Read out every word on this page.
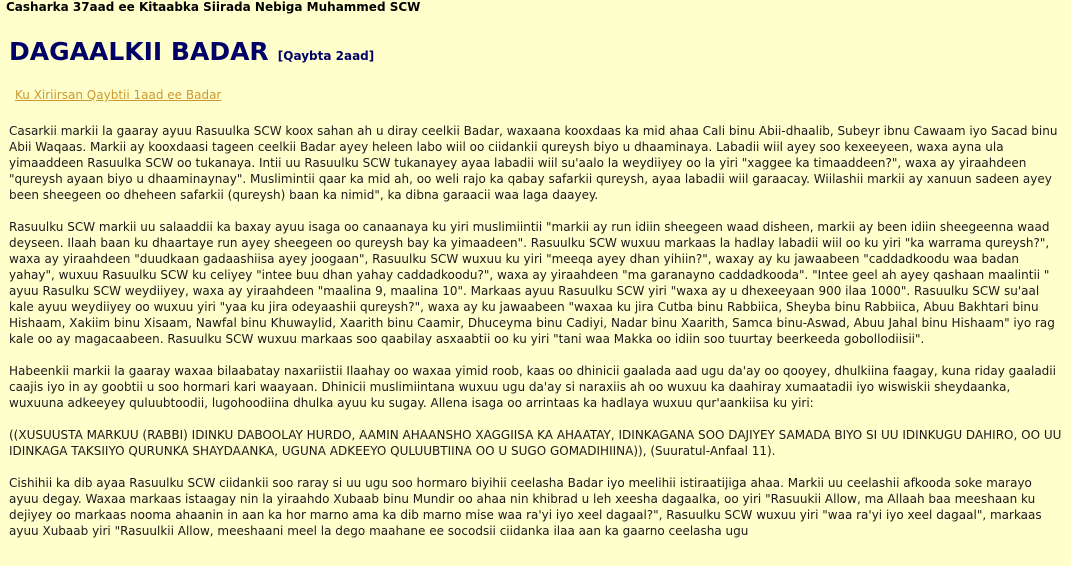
Casharka 37aad ee Kitaabka Siirada Nebiga Muhammed SCW
DAGAALKII BADAR [Qaybta 2aad]
Ku Xiriirsan Qaybtii 1aad ee Badar

Casarkii markii la gaaray ayuu Rasuulka SCW koox sahan ah u diray ceelkii Badar, waxaana kooxdaas ka mid ahaa Cali binu Abii-dhaalib, Subeyr ibnu Cawaam iyo Sacad binu Abii Waqaas. Markii ay kooxdaasi tageen ceelkii Badar ayey heleen labo wiil oo ciidankii qureysh biyo u dhaaminaya. Labadii wiil ayey soo kexeeyeen, waxa ayna ula yimaaddeen Rasuulka SCW oo tukanaya. Intii uu Rasuulku SCW tukanayey ayaa labadii wiil su'aalo la weydiiyey oo la yiri "xaggee ka timaaddeen?", waxa ay yiraahdeen "qureysh ayaan biyo u dhaaminaynay". Muslimintii qaar ka mid ah, oo weli rajo ka qabay safarkii qureysh, ayaa labadii wiil garaacay. Wiilashii markii ay xanuun sadeen ayey been sheegeen oo dheheen safarkii (qureysh) baan ka nimid", ka dibna garaacii waa laga daayey.

Rasuulku SCW markii uu salaaddii ka baxay ayuu isaga oo canaanaya ku yiri muslimiintii "markii ay run idiin sheegeen waad disheen, markii ay been idiin sheegeenna waad deyseen. Ilaah baan ku dhaartaye run ayey sheegeen oo qureysh bay ka yimaadeen". Rasuulku SCW wuxuu markaas la hadlay labadii wiil oo ku yiri "ka warrama qureysh?", waxa ay yiraahdeen "duudkaan gadaashiisa ayey joogaan", Rasuulku SCW wuxuu ku yiri "meeqa ayey dhan yihiin?", waxay ay ku jawaabeen "caddadkoodu waa badan yahay", wuxuu Rasuulku SCW ku celiyey "intee buu dhan yahay caddadkoodu?", waxa ay yiraahdeen "ma garanayno caddadkooda". "Intee geel ah ayey qashaan maalintii " ayuu Rasulku SCW weydiiyey, waxa ay yiraahdeen "maalina 9, maalina 10". Markaas ayuu Rasuulku SCW yiri "waxa ay u dhexeeyaan 900 ilaa 1000". Rasuulku SCW su'aal kale ayuu weydiiyey oo wuxuu yiri "yaa ku jira odeyaashii qureysh?", waxa ay ku jawaabeen "waxaa ku jira Cutba binu Rabbiica, Sheyba binu Rabbiica, Abuu Bakhtari binu Hishaam, Xakiim binu Xisaam, Nawfal binu Khuwaylid, Xaarith binu Caamir, Dhuceyma binu Cadiyi, Nadar binu Xaarith, Samca binu-Aswad, Abuu Jahal binu Hishaam" iyo rag kale oo ay magacaabeen. Rasuulku SCW wuxuu markaas soo qaabilay asxaabtii oo ku yiri "tani waa Makka oo idiin soo tuurtay beerkeeda gobollodiisii".

Habeenkii markii la gaaray waxaa bilaabatay naxariistii Ilaahay oo waxaa yimid roob, kaas oo dhinicii gaalada aad ugu da'ay oo qooyey, dhulkiina faagay, kuna riday gaaladii caajis iyo in ay goobtii u soo hormari kari waayaan. Dhinicii muslimiintana wuxuu ugu da'ay si naraxiis ah oo wuxuu ka daahiray xumaatadii iyo wiswiskii sheydaanka, wuxuuna adkeeyey quluubtoodii, lugohoodiina dhulka ayuu ku sugay. Allena isaga oo arrintaas ka hadlaya wuxuu qur'aankiisa ku yiri:

((XUSUUSTA MARKUU (RABBI) IDINKU DABOOLAY HURDO, AAMIN AHAANSHO XAGGIISA KA AHAATAY, IDINKAGANA SOO DAJIYEY SAMADA BIYO SI UU IDINKUGU DAHIRO, OO UU IDINKAGA TAKSIIYO QURUNKA SHAYDAANKA, UGUNA ADKEEYO QULUUBTIINA OO U SUGO GOMADIHIINA)), (Suuratul-Anfaal 11).

Cishihii ka dib ayaa Rasuulku SCW ciidankii soo raray si uu ugu soo hormaro biyihii ceelasha Badar iyo meelihii istiraatijiga ahaa. Markii uu ceelashii afkooda soke marayo ayuu degay. Waxaa markaas istaagay nin la yiraahdo Xubaab binu Mundir oo ahaa nin khibrad u leh xeesha dagaalka, oo yiri "Rasuukii Allow, ma Allaah baa meeshaan ku dejiyey oo markaas nooma ahaanin in aan ka hor marno ama ka dib marno mise waa ra'yi iyo xeel dagaal?", Rasuulku SCW wuxuu yiri "waa ra'yi iyo xeel dagaal", markaas ayuu Xubaab yiri "Rasuulkii Allow, meeshaani meel la dego maahane ee socodsii ciidanka ilaa aan ka gaarno ceelasha ugu
